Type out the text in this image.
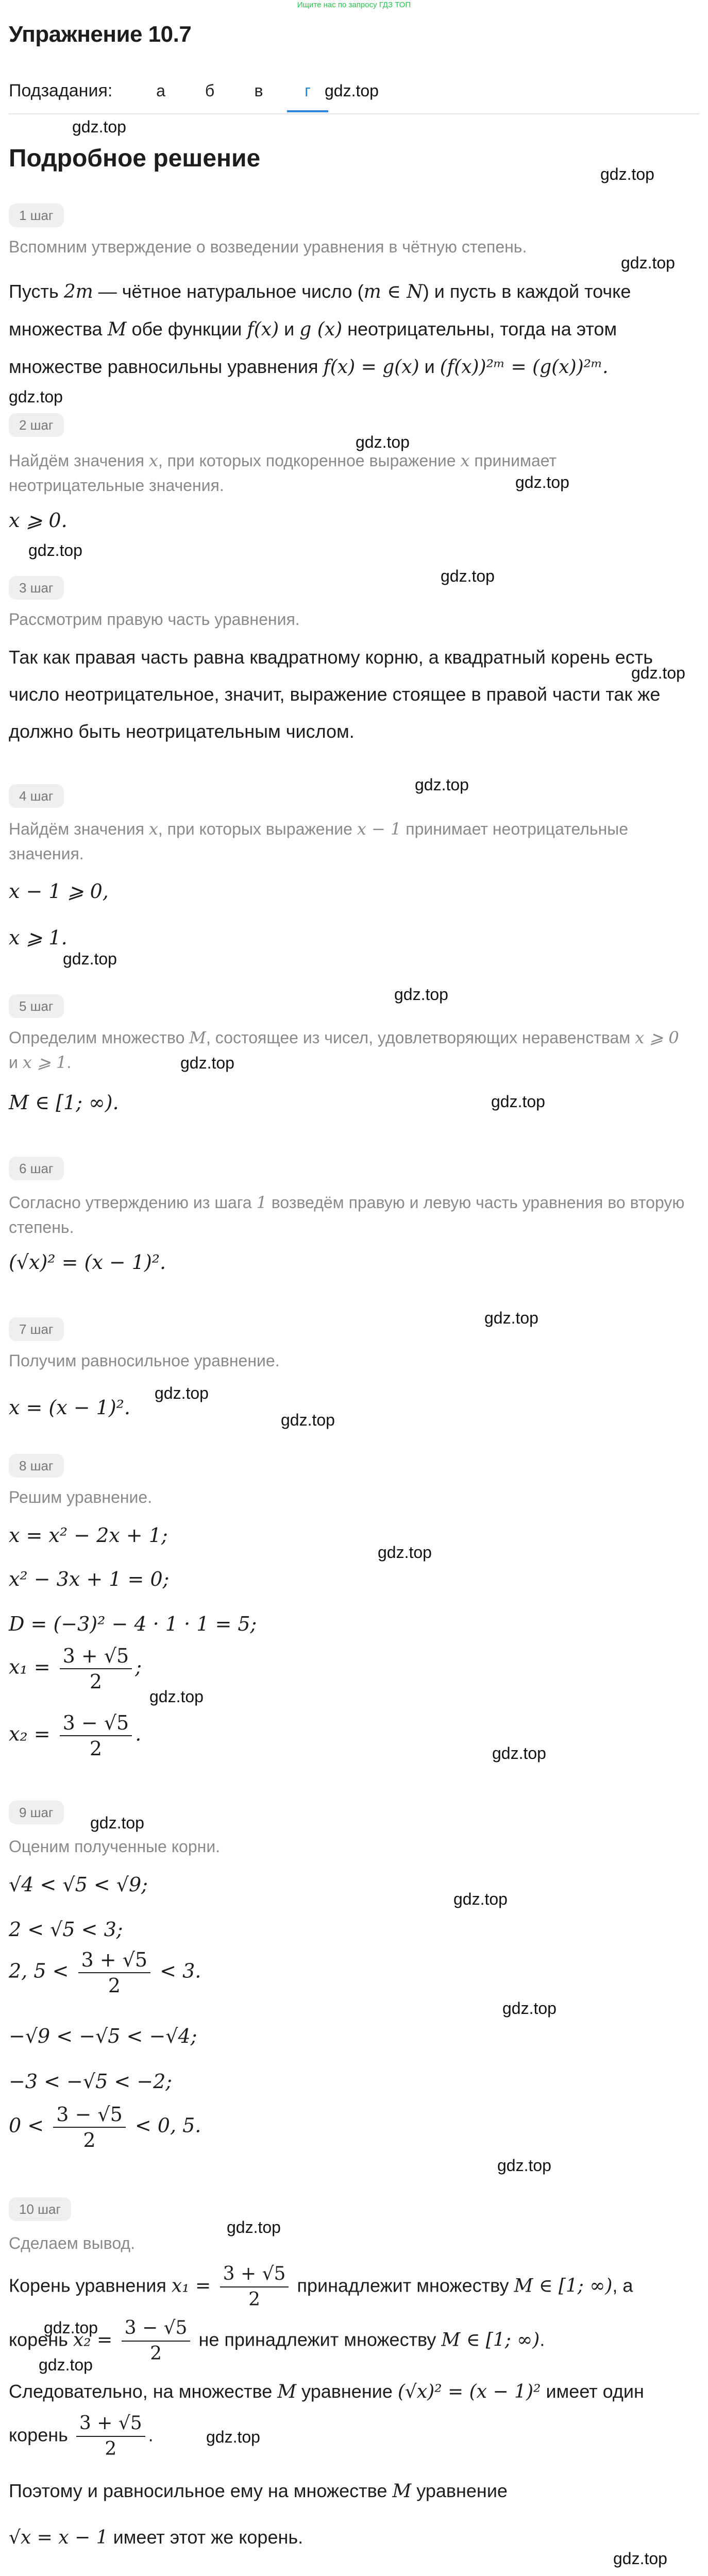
Ищите нас по запросу ГДЗ ТОП
Упражнение 10.7
Подзадания:	а	б	в	г gdz.top
gdz.top
Подробное решение
gdz.top
1 шаг
Вспомним утверждение о возведении уравнения в чётную степень.
gdz.top
Пусть 2m — чётное натуральное число (m ∈ N) и пусть в каждой точке
множества M обе функции f(x) и g (x) неотрицательны, тогда на этом
множестве равносильны уравнения f(x) = g(x) и (f(x))²ᵐ = (g(x))²ᵐ.
gdz.top
2 шаг
gdz.top
Найдём значения x, при которых подкоренное выражение x принимает
неотрицательные значения.	gdz.top
x ⩾ 0.
gdz.top
3 шаг
gdz.top
Рассмотрим правую часть уравнения.
Так как правая часть равна квадратному корню, а квадратный корень есть
число неотрицательное, значит, выражение стоящее в правой части так же
должно быть неотрицательным числом.
gdz.top
gdz.top
4 шаг
Найдём значения x, при которых выражение x − 1 принимает неотрицательные
значения.
x − 1 ⩾ 0,
x ⩾ 1.
gdz.top
gdz.top
5 шаг
Определим множество M, состоящее из чисел, удовлетворяющих неравенствам x ⩾ 0
и x ⩾ 1.	gdz.top
M ∈ [1; ∞).	gdz.top
6 шаг
Согласно утверждению из шага 1 возведём правую и левую часть уравнения во вторую
степень.
(√x)² = (x − 1)².
gdz.top
7 шаг
Получим равносильное уравнение.
x = (x − 1)².
gdz.top
gdz.top
8 шаг
Решим уравнение.
x = x² − 2x + 1;
gdz.top
x² − 3x + 1 = 0;
D = (−3)² − 4 · 1 · 1 = 5;
$x_1 = \frac{3 + √5}{2}$ ;
gdz.top
$x_2 = \frac{3 - √5}{2}$ .
gdz.top
9 шаг
gdz.top
Оценим полученные корни.
√4 < √5 < √9;
gdz.top
2 < √5 < 3;
2, $5 < \frac{3 + √5}{2} < 3$.
gdz.top
−√9 < −√5 < −√4;
−3 < −√5 < −2;
$0 < \frac{3 - √5}{2} < 0$, 5.
gdz.top
10 шаг
gdz.top
Сделаем вывод.
Корень уравнения $x_1 = \frac{3 + √5}{2}$ принадлежит множеству M ∈ [1; ∞), а
gdz.top
корень $x_2 = \frac{3 - √5}{2}$ не принадлежит множеству M ∈ [1; ∞).
gdz.top
Следовательно, на множестве M уравнение (√x)² = (x − 1)² имеет один
корень $\frac{3 + √5}{2}$ .	gdz.top
Поэтому и равносильное ему на множестве M уравнение
√x = x − 1 имеет этот же корень.
gdz.top
